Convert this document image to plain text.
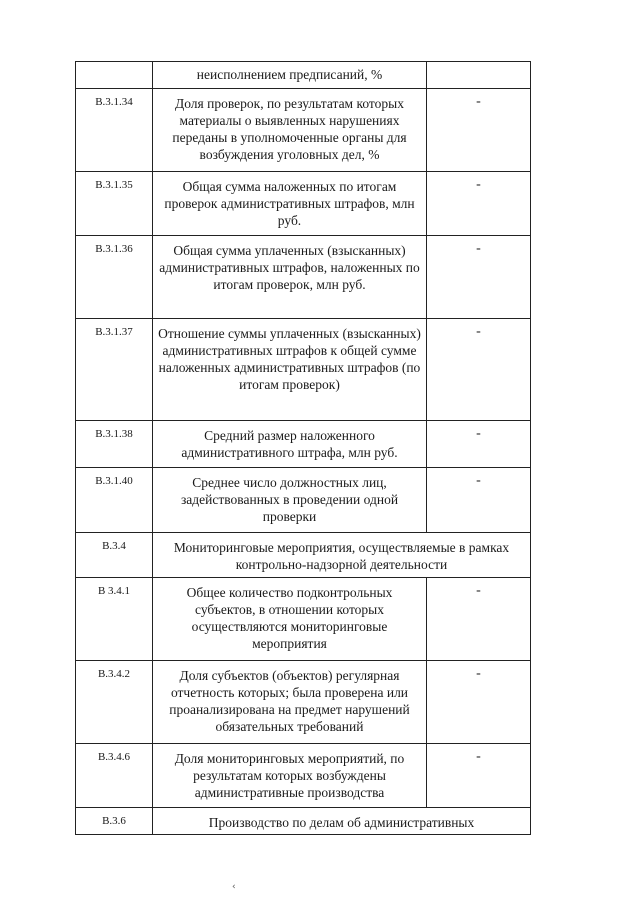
	неисполнением предписаний, %	
В.3.1.34	Доля проверок, по результатам которых материалы о выявленных нарушениях переданы в уполномоченные органы для возбуждения уголовных дел, %	-
В.3.1.35	Общая сумма наложенных по итогам проверок административных штрафов, млн руб.	-
В.3.1.36	Общая сумма уплаченных (взысканных) административных штрафов, наложенных по итогам проверок, млн руб.	-
В.3.1.37	Отношение суммы уплаченных (взысканных) административных штрафов к общей сумме наложенных административных штрафов (по итогам проверок)	-
В.3.1.38	Средний размер наложенного административного штрафа, млн руб.	-
В.3.1.40	Среднее число должностных лиц, задействованных в проведении одной проверки	-
В.3.4	Мониторинговые мероприятия, осуществляемые в рамках контрольно-надзорной деятельности	
В 3.4.1	Общее количество подконтрольных субъектов, в отношении которых осуществляются мониторинговые мероприятия	-
В.3.4.2	Доля субъектов (объектов) регулярная отчетность которых; была проверена или проанализирована на предмет нарушений обязательных требований	-
В.3.4.6	Доля мониторинговых мероприятий, по результатам которых возбуждены административные производства	-
В.3.6	Производство по делам об административных	
‹
